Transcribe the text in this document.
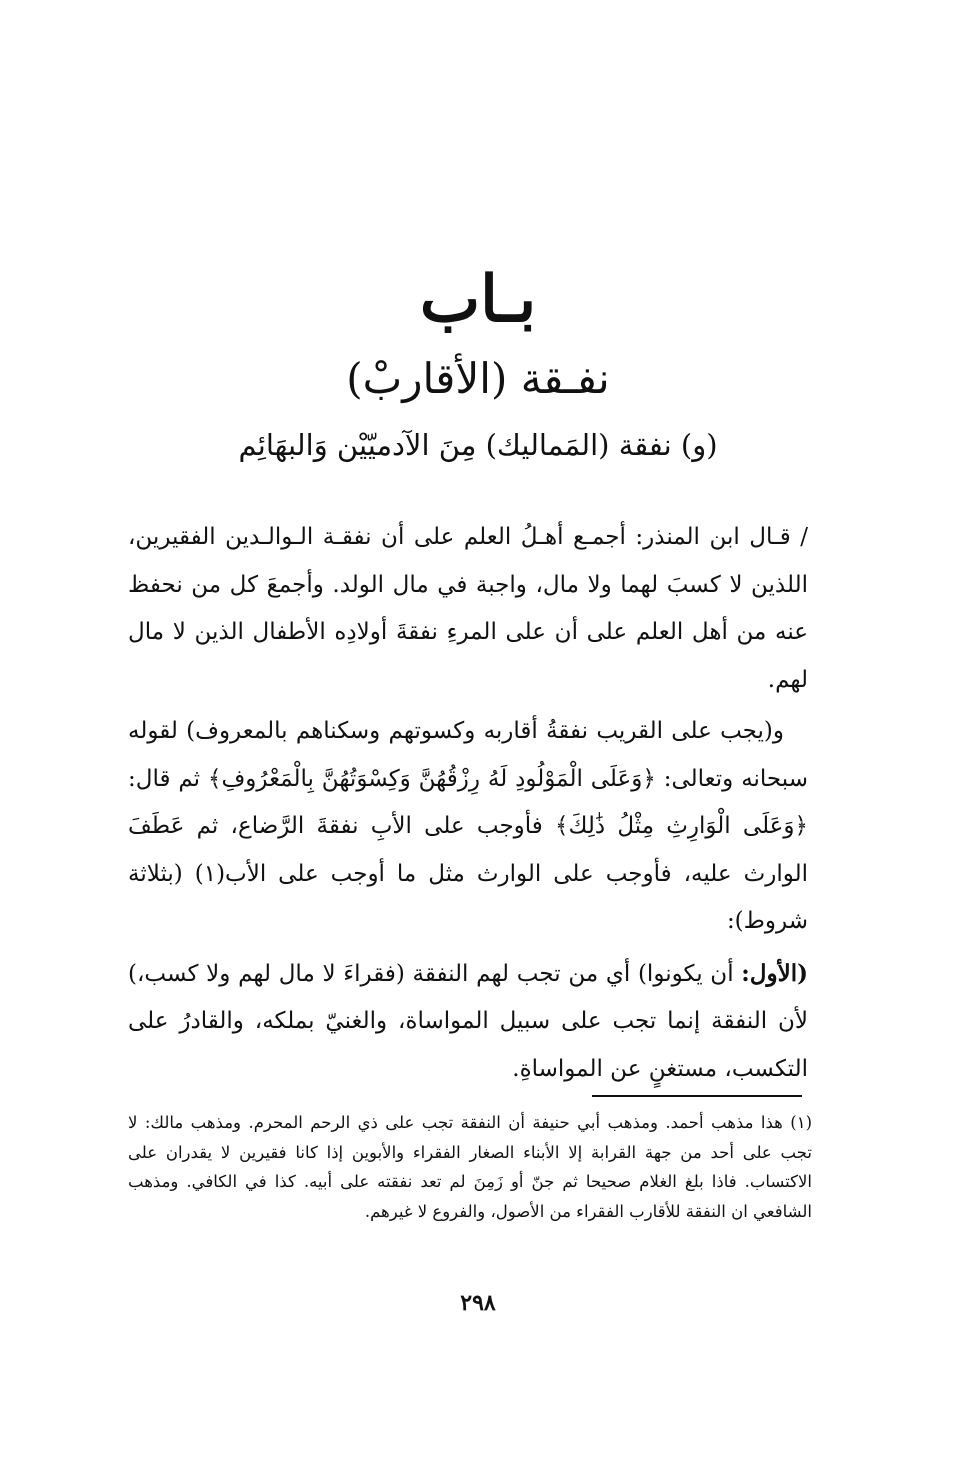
بـاب
نفـقة (الأقاربْ)
(و) نفقة (المَماليك) مِنَ الآدميّيْن وَالبهَائِم

/ قـال ابن المنذر: أجمـع أهـلُ العلم على أن نفقـة الـوالـدين الفقيرين، اللذين لا كسبَ لهما ولا مال، واجبة في مال الولد. وأجمعَ كل من نحفظ عنه من أهل العلم على أن على المرءِ نفقةَ أولادِه الأطفال الذين لا مال لهم.

و(يجب على القريب نفقةُ أقاربه وكسوتهم وسكناهم بالمعروف) لقوله سبحانه وتعالى: ﴿وَعَلَى الْمَوْلُودِ لَهُ رِزْقُهُنَّ وَكِسْوَتُهُنَّ بِالْمَعْرُوفِ﴾ ثم قال: ﴿وَعَلَى الْوَارِثِ مِثْلُ ذَٰلِكَ﴾ فأوجب على الأبِ نفقةَ الرَّضاع، ثم عَطَفَ الوارث عليه، فأوجب على الوارث مثل ما أوجب على الأب(١) (بثلاثة شروط):

(الأول: أن يكونوا) أي من تجب لهم النفقة (فقراءَ لا مال لهم ولا كسب،) لأن النفقة إنما تجب على سبيل المواساة، والغنيّ بملكه، والقادرُ على التكسب، مستغنٍ عن المواساةِ.

(١) هذا مذهب أحمد. ومذهب أبي حنيفة أن النفقة تجب على ذي الرحم المحرم. ومذهب مالك: لا تجب على أحد من جهة القرابة إلا الأبناء الصغار الفقراء والأبوين إذا كانا فقيرين لا يقدران على الاكتساب. فاذا بلغ الغلام صحيحا ثم جنّ أو زَمِنَ لم تعد نفقته على أبيه. كذا في الكافي. ومذهب الشافعي ان النفقة للأقارب الفقراء من الأصول، والفروع لا غيرهم.

٢٩٨
